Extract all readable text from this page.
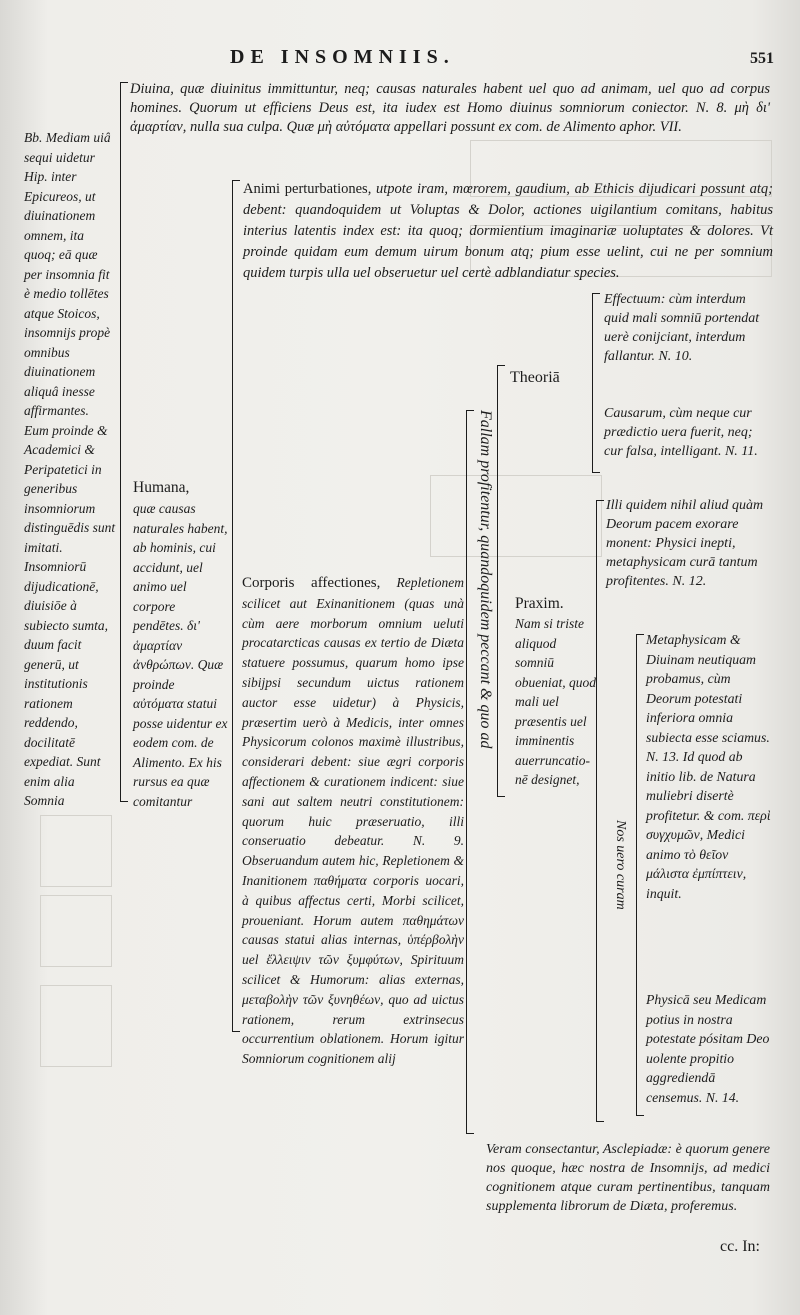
DE INSOMNIIS.	551
Diuina, quæ diuinitus immittuntur, neq; causas naturales habent uel quo ad animam, uel quo ad corpus homines. Quorum ut efficiens Deus est, ita iudex est Homo diuinus somniorum coniector. N. 8. μὴ δι' ἁμαρτίαν, nulla sua culpa. Quæ μὴ αὐτόματα appellari possunt ex com. de Alimento aphor. VII.
Bb. Mediam uiâ sequi uidetur Hip. inter Epicureos, ut diuinationem omnem, ita quoq; eā quæ per insomnia fit è medio tollētes atque Stoicos, insomnijs propè omnibus diuinationem aliquâ inesse affirmantes. Eum proinde & Academici & Peripatetici in generibus insomniorum distinguēdis sunt imitati. Insomniorū dijudicationē, diuisiōe à subiecto sumta, duum facit generū, ut institutionis rationem reddendo, docilitatē expediat. Sunt enim alia Somnia
Humana,
quæ causas naturales habent, ab hominis, cui accidunt, uel animo uel corpore pendētes. δι' ἁμαρτίαν ἀνθρώπων. Quæ proinde αὐτόματα statui posse uidentur ex eodem com. de Alimento. Ex his rursus ea quæ comitantur
Animi perturbationes, utpote iram, mœrorem, gaudium, ab Ethicis dijudicari possunt atq; debent: quandoquidem ut Voluptas & Dolor, actiones uigilantium comitans, habitus interius latentis index est: ita quoq; dormientium imaginariæ uoluptates & dolores. Vt proinde quidam eum demum uirum bonum atq; pium esse uelint, cui ne per somnium quidem turpis ulla uel obseruetur uel certè adblandiatur species.
Corporis affectiones, Repletionem scilicet aut Exinanitionem (quas unà cùm aere morborum omnium ueluti procatarcticas causas ex tertio de Diæta statuere possumus, quarum homo ipse sibijpsi secundum uictus rationem auctor esse uidetur) à Physicis, præsertim uerò à Medicis, inter omnes Physicorum colonos maximè illustribus, considerari debent: siue ægri corporis affectionem & curationem indicent: siue sani aut saltem neutri constitutionem: quorum huic præseruatio, illi conseruatio debeatur. N. 9. Obseruandum autem hic, Repletionem & Inanitionem παθήματα corporis uocari, à quibus affectus certi, Morbi scilicet, proueniant. Horum autem παθημάτων causas statui alias internas, ὑπέρβολὴν uel ἔλλειψιν τῶν ξυμφύτων, Spirituum scilicet & Humorum: alias externas, μεταβολὴν τῶν ξυνηθέων, quo ad uictus rationem, rerum extrinsecus occurrentium oblationem. Horum igitur Somniorum cognitionem alij
Fallam profitentur, quandoquidem peccant & quo ad
Theoriā
Effectuum: cùm interdum quid mali somniū portendat uerè conijciant, interdum fallantur. N. 10.
Causarum, cùm neque cur prædictio uera fuerit, neq; cur falsa, intelligant. N. 11.
Praxim.
Nam si triste aliquod somniū obueniat, quod mali uel præsentis uel imminentis auerruncatio-nē designet,
Illi quidem nihil aliud quàm Deorum pacem exorare monent: Physici inepti, metaphysicam curā tantum profitentes. N. 12.
Nos uero curam
Metaphysicam & Diuinam neutiquam probamus, cùm Deorum potestati inferiora omnia subiecta esse sciamus. N. 13. Id quod ab initio lib. de Natura muliebri disertè profitetur. & com. περὶ συγχυμῶν, Medici animo τὸ θεῖον μάλιστα ἐμπίπτειν, inquit.
Physicā seu Medicam potius in nostra potestate pósitam Deo uolente propitio aggrediendā censemus. N. 14.
Veram consectantur, Asclepiadæ: è quorum genere nos quoque, hæc nostra de Insomnijs, ad medici cognitionem atque curam pertinentibus, tanquam supplementa librorum de Diæta, proferemus.
cc. In:
